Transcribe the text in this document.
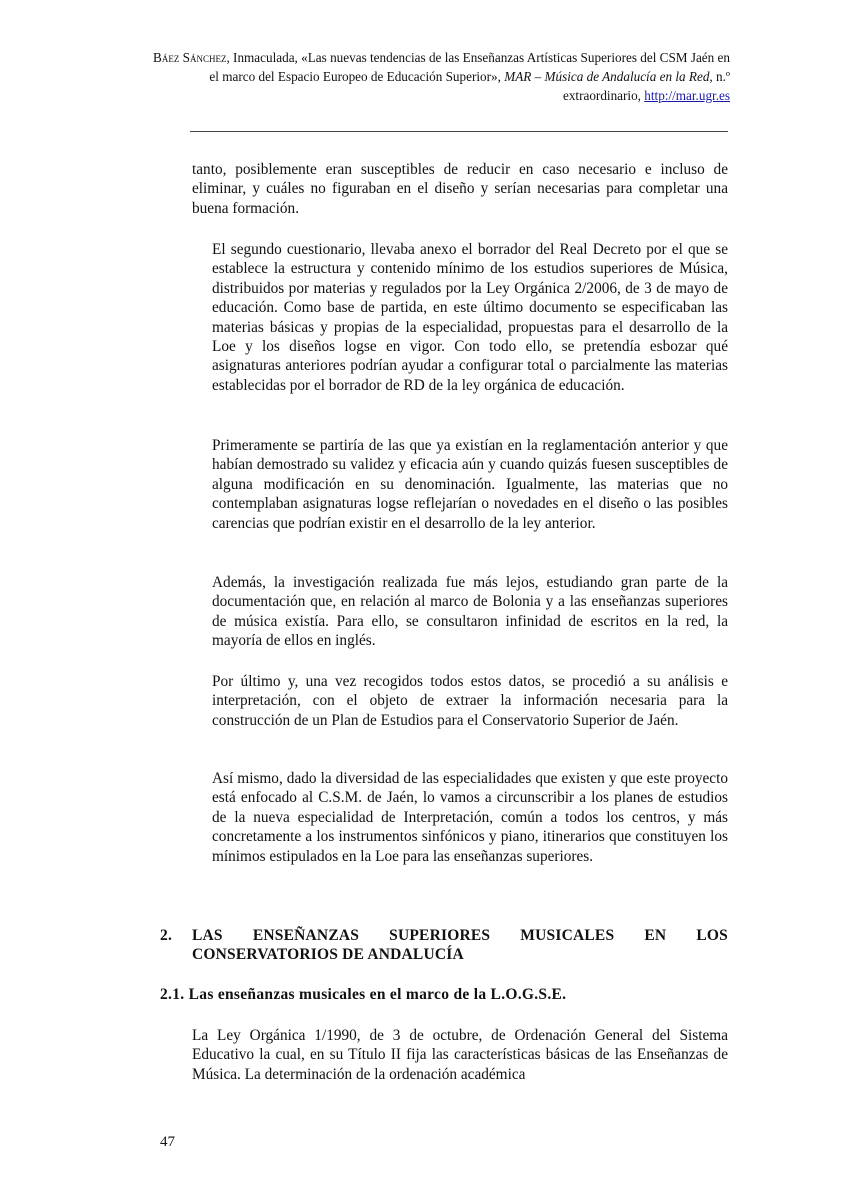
Báez Sánchez, Inmaculada, «Las nuevas tendencias de las Enseñanzas Artísticas Superiores del CSM Jaén en el marco del Espacio Europeo de Educación Superior», MAR – Música de Andalucía en la Red, n.º extraordinario, http://mar.ugr.es

tanto, posiblemente eran susceptibles de reducir en caso necesario e incluso de eliminar, y cuáles no figuraban en el diseño y serían necesarias para completar una buena formación.

El segundo cuestionario, llevaba anexo el borrador del Real Decreto por el que se establece la estructura y contenido mínimo de los estudios superiores de Música, distribuidos por materias y regulados por la Ley Orgánica 2/2006, de 3 de mayo de educación. Como base de partida, en este último documento se especificaban las materias básicas y propias de la especialidad, propuestas para el desarrollo de la Loe y los diseños logse en vigor. Con todo ello, se pretendía esbozar qué asignaturas anteriores podrían ayudar a configurar total o parcialmente las materias establecidas por el borrador de RD de la ley orgánica de educación.

Primeramente se partiría de las que ya existían en la reglamentación anterior y que habían demostrado su validez y eficacia aún y cuando quizás fuesen susceptibles de alguna modificación en su denominación. Igualmente, las materias que no contemplaban asignaturas logse reflejarían o novedades en el diseño o las posibles carencias que podrían existir en el desarrollo de la ley anterior.

Además, la investigación realizada fue más lejos, estudiando gran parte de la documentación que, en relación al marco de Bolonia y a las enseñanzas superiores de música existía. Para ello, se consultaron infinidad de escritos en la red, la mayoría de ellos en inglés.

Por último y, una vez recogidos todos estos datos, se procedió a su análisis e interpretación, con el objeto de extraer la información necesaria para la construcción de un Plan de Estudios para el Conservatorio Superior de Jaén.

Así mismo, dado la diversidad de las especialidades que existen y que este proyecto está enfocado al C.S.M. de Jaén, lo vamos a circunscribir a los planes de estudios de la nueva especialidad de Interpretación, común a todos los centros, y más concretamente a los instrumentos sinfónicos y piano, itinerarios que constituyen los mínimos estipulados en la Loe para las enseñanzas superiores.

2. LAS ENSEÑANZAS SUPERIORES MUSICALES EN LOS
CONSERVATORIOS DE ANDALUCÍA
2.1. Las enseñanzas musicales en el marco de la L.O.G.S.E.

La Ley Orgánica 1/1990, de 3 de octubre, de Ordenación General del Sistema Educativo la cual, en su Título II fija las características básicas de las Enseñanzas de Música. La determinación de la ordenación académica

47
